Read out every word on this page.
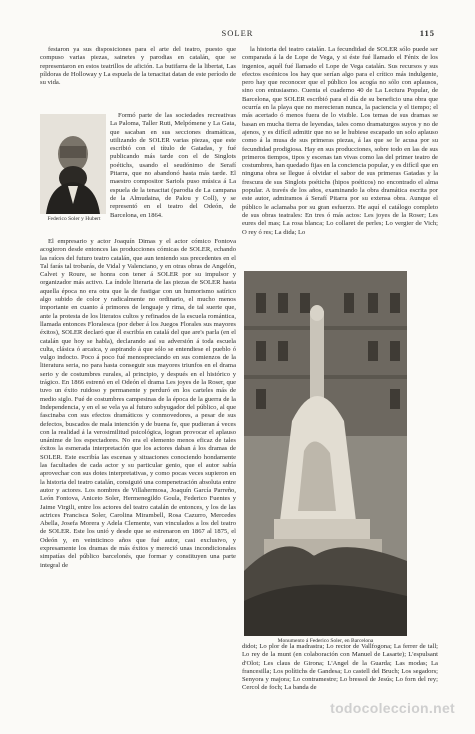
SOLER	115

festaron ya sus disposiciones para el arte del teatro, puesto que compuso varias piezas, sainetes y parodias en catalán, que se representaron en estos teatrillos de afición. La butifarra de la libertat, Las píldoras de Holloway y La espuela de la tenacitat datan de este período de su vida.

Federico Soler y Hubert

Formó parte de las sociedades recreativas La Paloma, Taller Ruti, Melpómene y La Gata, que sacaban en sus secciones dramáticas, utilizando de SOLER varias piezas, que este escribió con el título de Gatadas, y fué publicando más tarde con el de Singlots poétichs, usando el seudónimo de Serafí Pitarra, que no abandonó hasta más tarde. El maestro compositor Sariols puso música á La espuela de la tenacitat (parodia de La campana de la Almudaina, de Palou y Coll), y se representó en el teatro del Odeón, de Barcelona, en 1864.

El empresario y actor Joaquín Dimas y el actor cómico Fontova acogieron desde entonces las producciones cómicas de SOLER, echando las raíces del futuro teatro catalán, que aun teniendo sus precedentes en el Tal farás tal trobarás, de Vidal y Valenciano, y en otras obras de Angelón, Calvet y Roure, se honra con tener á SOLER por su impulsor y organizador más activo. La índole literaria de las piezas de SOLER hasta aquella época no era otra que la de fustigar con un humorismo satírico algo subido de color y radicalmente no ordinario, el mucho menos importante en cuanto á primores de lenguaje y rima, de tal suerte que, ante la protesta de los literatos cultos y refinados de la escuela romántica, llamada entonces Floralesca (por deber á los Juegos Florales sus mayores éxitos), SOLER declaró que él escribía en catalá del que are's parla (en el catalán que hoy se habla), declarando así su adversión á toda escuela culta, clásica ó arcaica, y aspirando á que sólo se entendiese el pueblo ó vulgo indocto. Poco á poco fué menospreciando en sus comienzos de la literatura seria, no para hasta conseguir sus mayores triunfos en el drama serio y de costumbres rurales, al principio, y después en el histórico y trágico. En 1866 estrenó en el Odeón el drama Les joyes de la Roser, que tuvo un éxito ruidoso y permanente y perduró en los carteles más de medio siglo. Fué de costumbres campesinas de la época de la guerra de la Independencia, y en el se vela ya al futuro subyugador del público, al que fascinaba con sus efectos dramáticos y conmovedores, a pesar de sus defectos, buscados de mala intención y de buena fe, que pudieran á veces con la realidad á la verosimilitud psicológica, logran provocar el aplauso unánime de los espectadores. No era el elemento menos eficaz de tales éxitos la esmerada interpretación que los actores daban á los dramas de SOLER. Este escribía las escenas y situaciones conociendo hondamente las facultades de cada actor y su particular genio, que el autor sabía aprovechar con sus dotes interpretativas, y como pocas veces supieron en la historia del teatro catalán, consiguió una compenetración absoluta entre autor y actores. Los nombres de Villahermosa, Joaquín García Parreño, León Fontova, Aniceto Soler, Hermenegildo Goula, Federico Fuentes y Jaime Virgili, entre los actores del teatro catalán de entonces, y los de las actrices Francisca Soler, Carolina Mirambell, Rosa Cazurro, Mercedes Abella, Josefa Morera y Adela Clemente, van vinculados a los del teatro de SOLER. Este los unió y desde que se estrenaron en 1867 al 1875, el Odeón y, en veinticinco años que fué autor, casi exclusivo, y expresamente los dramas de más éxitos y mereció unas incondicionales simpatías del público barcelonés, que formar y constituyen una parte integral de

la historia del teatro catalán. La fecundidad de SOLER sólo puede ser comparada á la de Lope de Vega, y si éste fué llamado el Fénix de los ingenios, aquél fué llamado el Lope de Vega catalán. Sus recursos y sus efectos escénicos los hay que serían algo para el crítico más indulgente, pero hay que reconocer que el público los acogía no sólo con aplausos, sino con entusiasmo. Cuenta el cuaderno 40 de La Lectura Popular, de Barcelona, que SOLER escribió para el día de su beneficio una obra que ocurría en la playa que no merecieran nunca, la paciencia y el tiempo; el más acertado ó menos fuera de lo visible. Los temas de sus dramas se basan en mucha tierra de leyendas, tales como dramaturgos suyos y no de ajenos, y es difícil admitir que no se le hubiese escapado un solo aplauso como á la musa de sus primeras piezas, á las que se le acusa por su fecundidad prodigiosa. Hay en sus producciones, sobre todo en las de sus primeros tiempos, tipos y escenas tan vivas como las del primer teatro de costumbres, han quedado fijas en la conciencia popular, y es difícil que en ninguna obra se llegue á olvidar el sabor de sus primeras Gatadas y la frescura de sus Singlots poétichs (hipos poéticos) no encontrado el alma popular. A través de los años, examinando la obra dramática escrita por este autor, admiramos á Serafí Pitarra por su extensa obra. Aunque el público le aclamaba por su gran esfuerzo. He aquí el catálogo completo de sus obras teatrales: En tres ó más actos: Les joyes de la Roser; Les eures del mas; La rosa blanca; Lo collaret de perles; Lo vergier de Vich; O rey ó res; La dida; Lo

Monumento á Federico Soler, en Barcelona

didot; Lo plor de la madrastra; Lo rector de Vallfogona; La ferrer de tall; Lo rey de la munt (en colaboración con Manuel de Lasarte); L'espulsant d'Olot; Les claus de Girona; L'Angel de la Guarda; Las modas; La francesilla; Los polítichs de Gandesa; Lo castell del Bruch; Los segadors; Senyora y majora; Lo contramestre; Lo bressol de Jesús; Lo forn del rey; Cercol de foch; La banda de

todocoleccion.net
